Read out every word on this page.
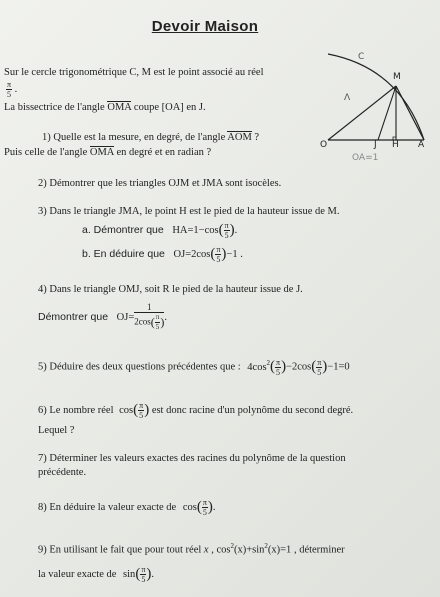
Devoir Maison
Sur le cercle trigonométrique C, M est le point associé au réel
$\frac{\pi}{5}$ .
La bissectrice de l'angle OMA coupe [OA] en J.
1) Quelle est la mesure, en degré, de l'angle AOM ?
Puis celle de l'angle OMA en degré et en radian ?
2) Démontrer que les triangles OJM et JMA sont isocèles.
3) Dans le triangle JMA, le point H est le pied de la hauteur issue de M.
a. Démontrer que $HA=1-\cos( \frac{\pi}{5}$ ).
b. En déduire que $OJ=2\cos( \frac{\pi}{5} )-1$ .
4) Dans le triangle OMJ, soit R le pied de la hauteur issue de J.
Démontrer que $OJ= \frac{1}{2\cos( \frac{\pi}{5} )}$ .
5) Déduire des deux questions précédentes que : $4\cos^2( \frac{\pi}{5} )-2\cos( \frac{\pi}{5} )-1=0$
6) Le nombre réel $\cos( \frac{\pi}{5}$ ) est donc racine d'un polynôme du second degré.
Lequel ?
7) Déterminer les valeurs exactes des racines du polynôme de la question
précédente.
8) En déduire la valeur exacte de $\cos( \frac{\pi}{5}$ ).
9) En utilisant le fait que pour tout réel x , $\cos^2(x)+\sin^2(x)=1$ , déterminer
la valeur exacte de $\sin( \frac{\pi}{5}$ ).
C
M
Λ
O	J H A
OA=1
